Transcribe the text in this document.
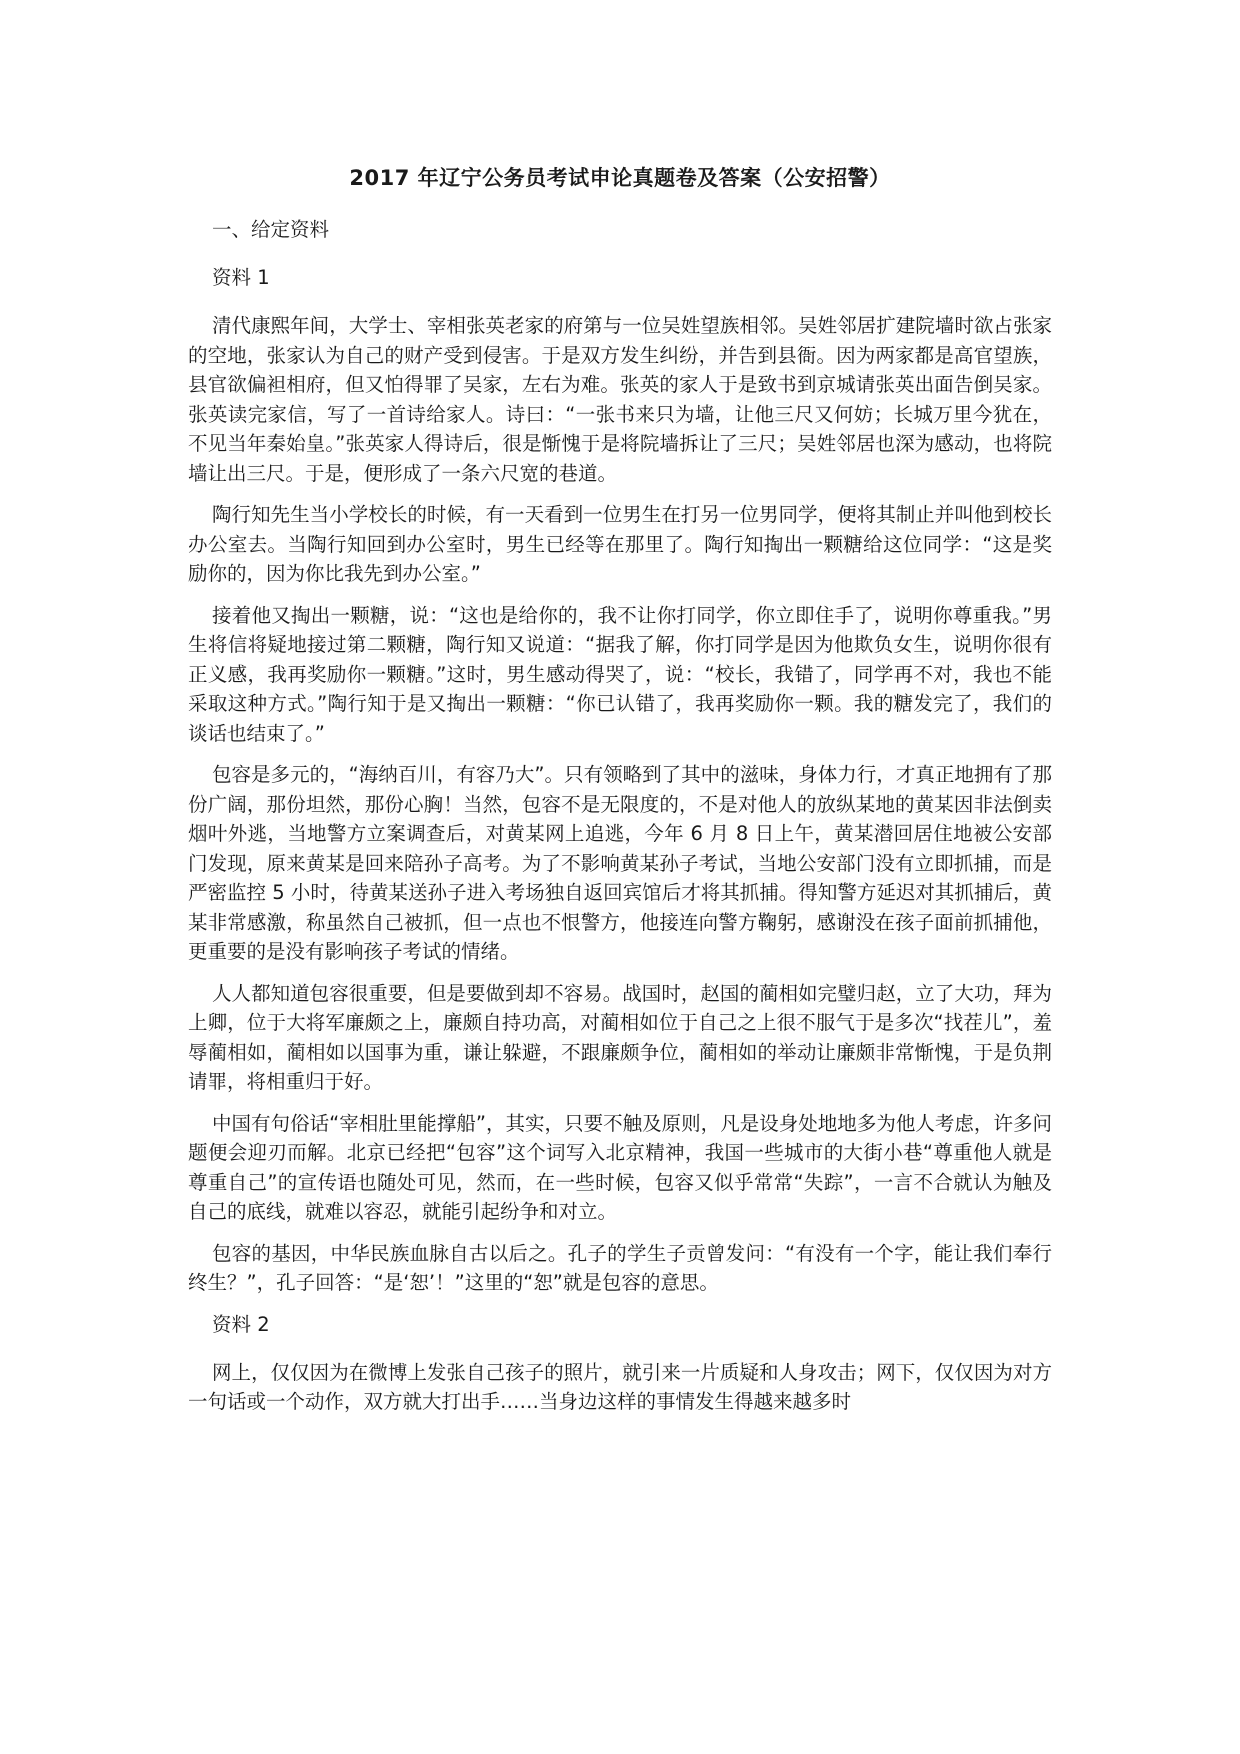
2017 年辽宁公务员考试申论真题卷及答案（公安招警）

一、给定资料

资料 1

清代康熙年间，大学士、宰相张英老家的府第与一位吴姓望族相邻。吴姓邻居扩建院墙时欲占张家的空地，张家认为自己的财产受到侵害。于是双方发生纠纷，并告到县衙。因为两家都是高官望族，县官欲偏袒相府，但又怕得罪了吴家，左右为难。张英的家人于是致书到京城请张英出面告倒吴家。张英读完家信，写了一首诗给家人。诗曰：“一张书来只为墙，让他三尺又何妨；长城万里今犹在，不见当年秦始皇。”张英家人得诗后，很是惭愧于是将院墙拆让了三尺；吴姓邻居也深为感动，也将院墙让出三尺。于是，便形成了一条六尺宽的巷道。

陶行知先生当小学校长的时候，有一天看到一位男生在打另一位男同学，便将其制止并叫他到校长办公室去。当陶行知回到办公室时，男生已经等在那里了。陶行知掏出一颗糖给这位同学：“这是奖励你的，因为你比我先到办公室。”

接着他又掏出一颗糖，说：“这也是给你的，我不让你打同学，你立即住手了，说明你尊重我。”男生将信将疑地接过第二颗糖，陶行知又说道：“据我了解，你打同学是因为他欺负女生，说明你很有正义感，我再奖励你一颗糖。”这时，男生感动得哭了，说：“校长，我错了，同学再不对，我也不能采取这种方式。”陶行知于是又掏出一颗糖：“你已认错了，我再奖励你一颗。我的糖发完了，我们的谈话也结束了。”

包容是多元的，“海纳百川，有容乃大”。只有领略到了其中的滋味，身体力行，才真正地拥有了那份广阔，那份坦然，那份心胸！当然，包容不是无限度的，不是对他人的放纵某地的黄某因非法倒卖烟叶外逃，当地警方立案调查后，对黄某网上追逃，今年 6 月 8 日上午，黄某潜回居住地被公安部门发现，原来黄某是回来陪孙子高考。为了不影响黄某孙子考试，当地公安部门没有立即抓捕，而是严密监控 5 小时，待黄某送孙子进入考场独自返回宾馆后才将其抓捕。得知警方延迟对其抓捕后，黄某非常感激，称虽然自己被抓，但一点也不恨警方，他接连向警方鞠躬，感谢没在孩子面前抓捕他，更重要的是没有影响孩子考试的情绪。

人人都知道包容很重要，但是要做到却不容易。战国时，赵国的蔺相如完璧归赵，立了大功，拜为上卿，位于大将军廉颇之上，廉颇自持功高，对蔺相如位于自己之上很不服气于是多次“找茬儿”，羞辱蔺相如，蔺相如以国事为重，谦让躲避，不跟廉颇争位，蔺相如的举动让廉颇非常惭愧，于是负荆请罪，将相重归于好。

中国有句俗话“宰相肚里能撑船”，其实，只要不触及原则，凡是设身处地地多为他人考虑，许多问题便会迎刃而解。北京已经把“包容”这个词写入北京精神，我国一些城市的大街小巷“尊重他人就是尊重自己”的宣传语也随处可见，然而，在一些时候，包容又似乎常常“失踪”，一言不合就认为触及自己的底线，就难以容忍，就能引起纷争和对立。

包容的基因，中华民族血脉自古以后之。孔子的学生子贡曾发问：“有没有一个字，能让我们奉行终生？”，孔子回答：“是‘恕’！”这里的“恕”就是包容的意思。

资料 2

网上，仅仅因为在微博上发张自己孩子的照片，就引来一片质疑和人身攻击；网下，仅仅因为对方一句话或一个动作，双方就大打出手……当身边这样的事情发生得越来越多时
